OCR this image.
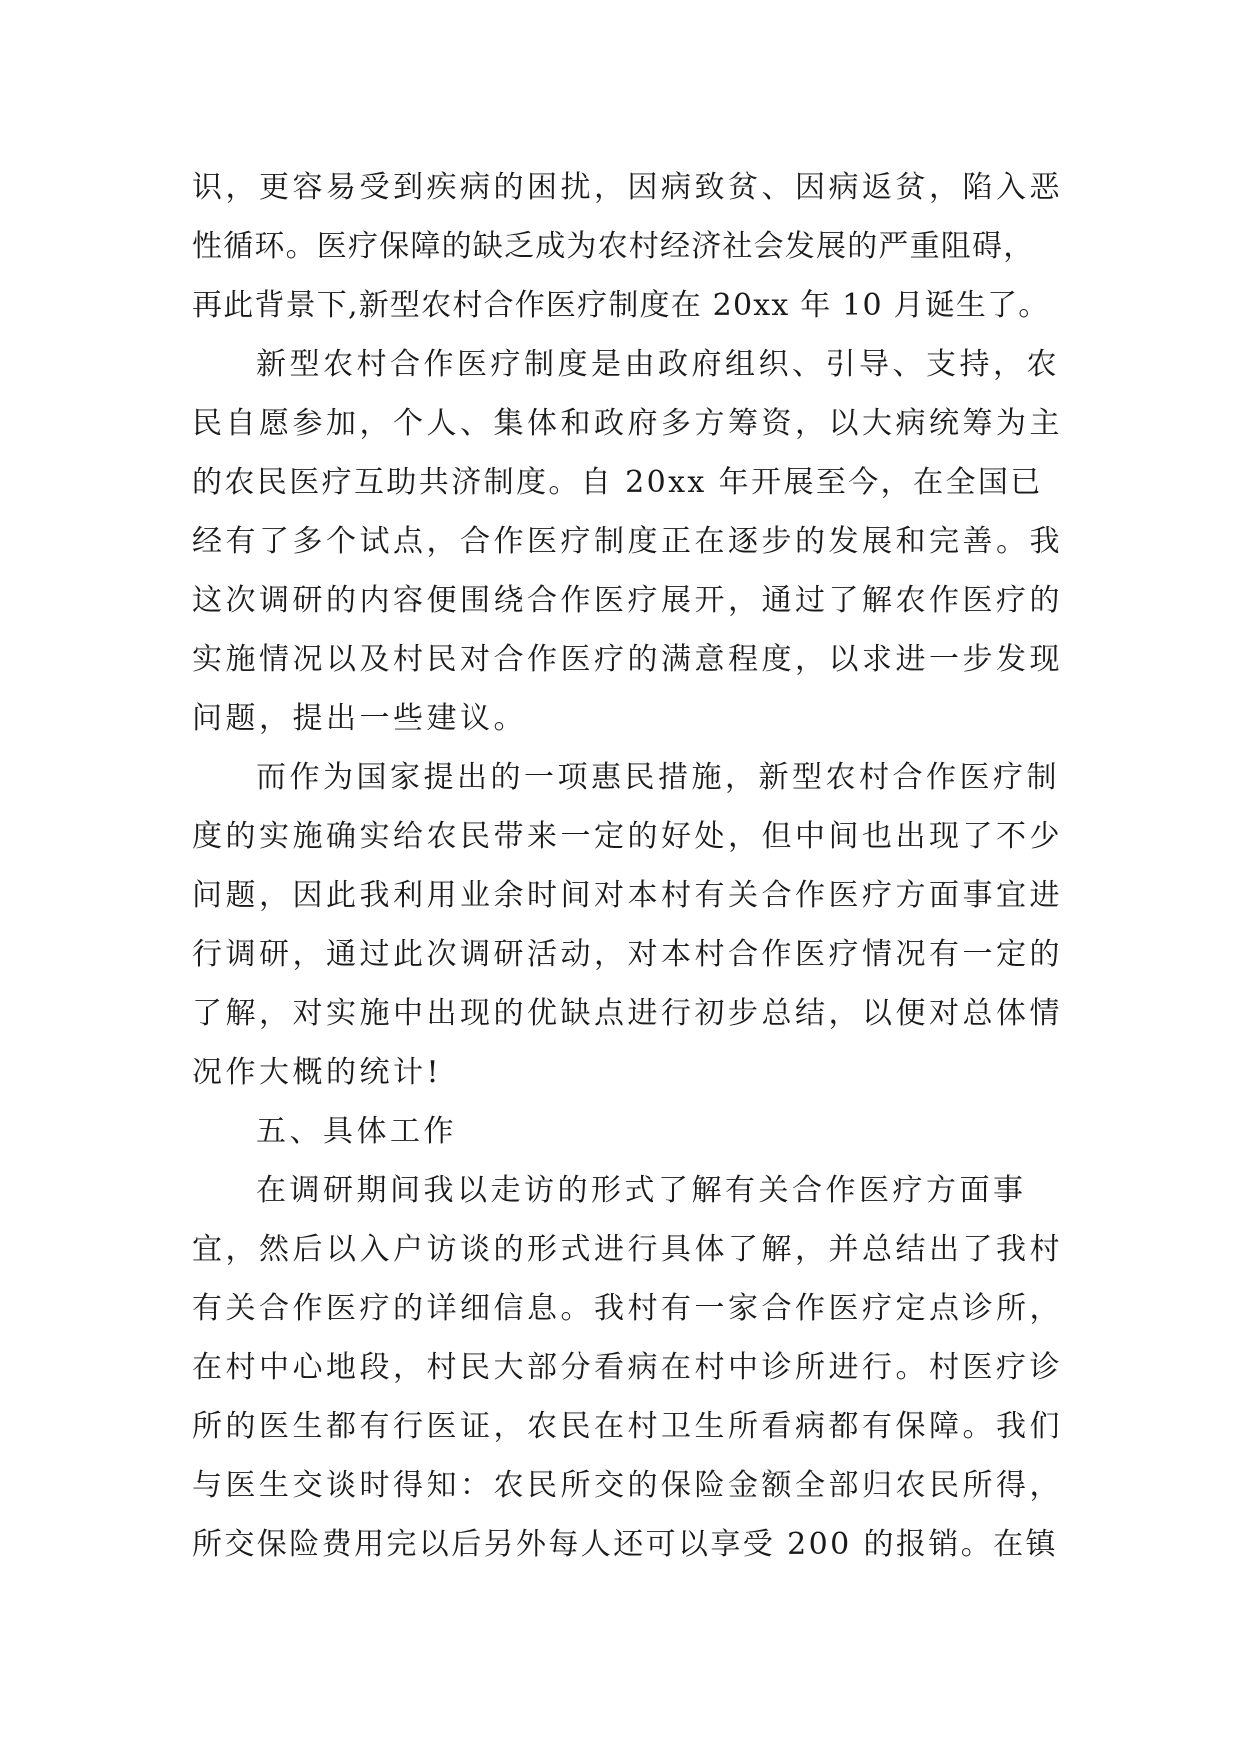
识，更容易受到疾病的困扰，因病致贫、因病返贫，陷入恶
性循环。医疗保障的缺乏成为农村经济社会发展的严重阻碍，
再此背景下,新型农村合作医疗制度在 20xx 年 10 月诞生了。
新型农村合作医疗制度是由政府组织、引导、支持，农
民自愿参加，个人、集体和政府多方筹资，以大病统筹为主
的农民医疗互助共济制度。自 20xx 年开展至今，在全国已
经有了多个试点，合作医疗制度正在逐步的发展和完善。我
这次调研的内容便围绕合作医疗展开，通过了解农作医疗的
实施情况以及村民对合作医疗的满意程度，以求进一步发现
问题，提出一些建议。
而作为国家提出的一项惠民措施，新型农村合作医疗制
度的实施确实给农民带来一定的好处，但中间也出现了不少
问题，因此我利用业余时间对本村有关合作医疗方面事宜进
行调研，通过此次调研活动，对本村合作医疗情况有一定的
了解，对实施中出现的优缺点进行初步总结，以便对总体情
况作大概的统计!
五、具体工作
在调研期间我以走访的形式了解有关合作医疗方面事
宜，然后以入户访谈的形式进行具体了解，并总结出了我村
有关合作医疗的详细信息。我村有一家合作医疗定点诊所，
在村中心地段，村民大部分看病在村中诊所进行。村医疗诊
所的医生都有行医证，农民在村卫生所看病都有保障。我们
与医生交谈时得知：农民所交的保险金额全部归农民所得，
所交保险费用完以后另外每人还可以享受 200 的报销。在镇
